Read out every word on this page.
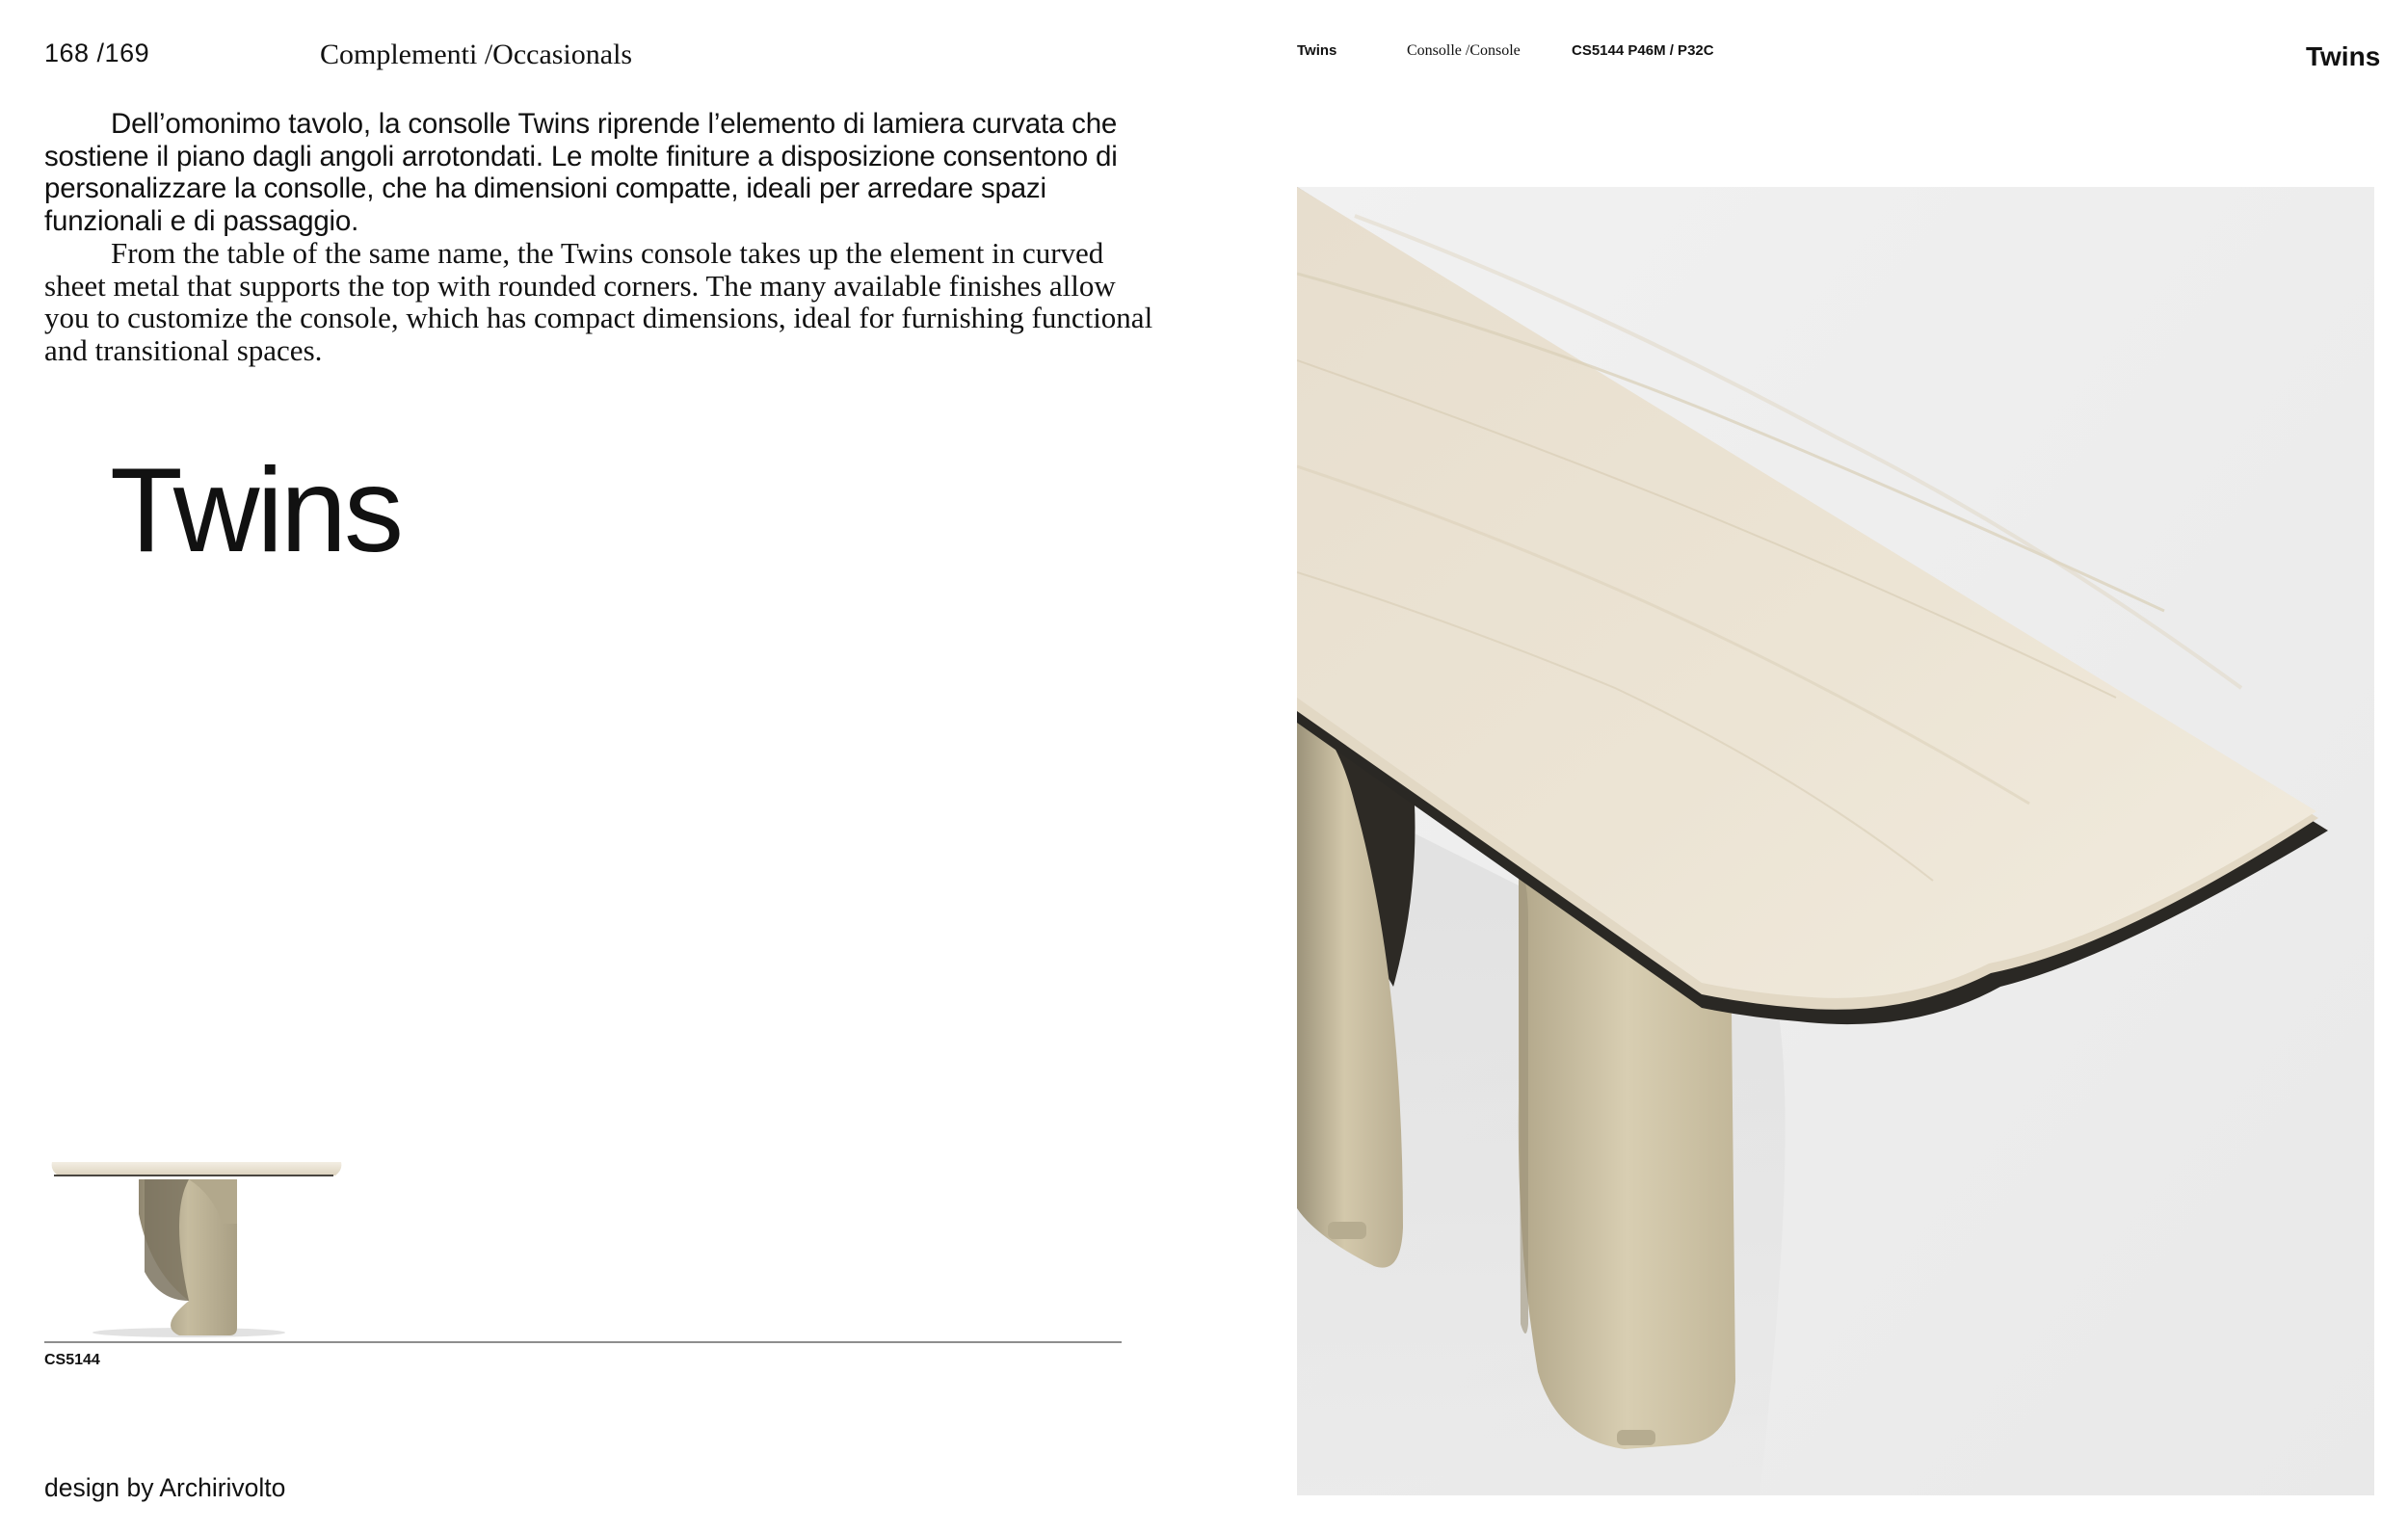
168 /169	Complementi /Occasionals
Dell’omonimo tavolo, la consolle Twins riprende l’elemento di lamiera curvata che sostiene il piano dagli angoli arrotondati. Le molte finiture a disposizione consentono di personalizzare la consolle, che ha dimensioni compatte, ideali per arredare spazi funzionali e di passaggio.
From the table of the same name, the Twins console takes up the element in curved sheet metal that supports the top with rounded corners. The many available finishes allow you to customize the console, which has compact dimensions, ideal for furnishing functional and transitional spaces.
Twins
CS5144
design by Archirivolto
Twins	Consolle /Console	CS5144 P46M / P32C	Twins
